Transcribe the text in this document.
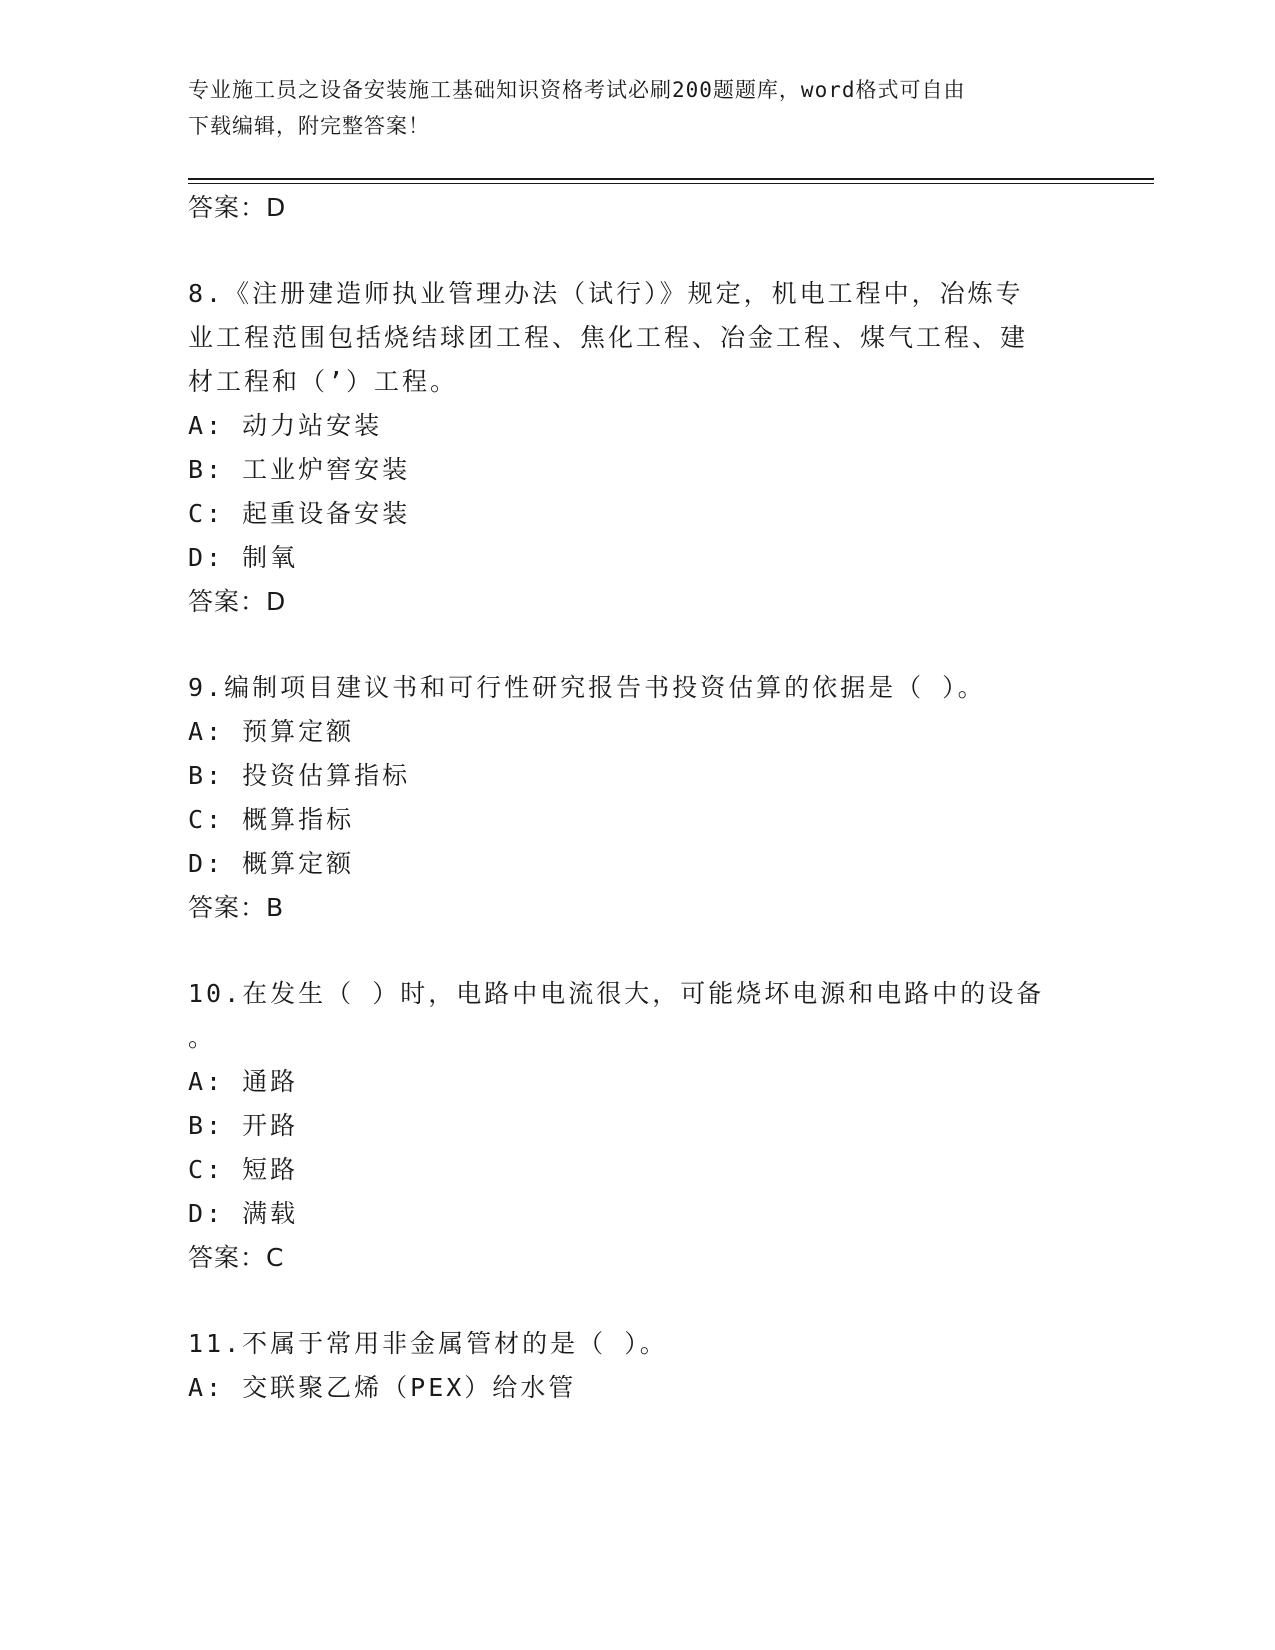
专业施工员之设备安装施工基础知识资格考试必刷200题题库，word格式可自由
下载编辑，附完整答案！
答案：D
8.《注册建造师执业管理办法（试行）》规定，机电工程中，冶炼专
业工程范围包括烧结球团工程、焦化工程、冶金工程、煤气工程、建
材工程和（’）工程。
A: 动力站安装
B: 工业炉窖安装
C: 起重设备安装
D: 制氧
答案：D
9.编制项目建议书和可行性研究报告书投资估算的依据是（ ）。
A: 预算定额
B: 投资估算指标
C: 概算指标
D: 概算定额
答案：B
10.在发生（ ）时，电路中电流很大，可能烧坏电源和电路中的设备
。
A: 通路
B: 开路
C: 短路
D: 满载
答案：C
11.不属于常用非金属管材的是（ ）。
A: 交联聚乙烯（PEX）给水管
